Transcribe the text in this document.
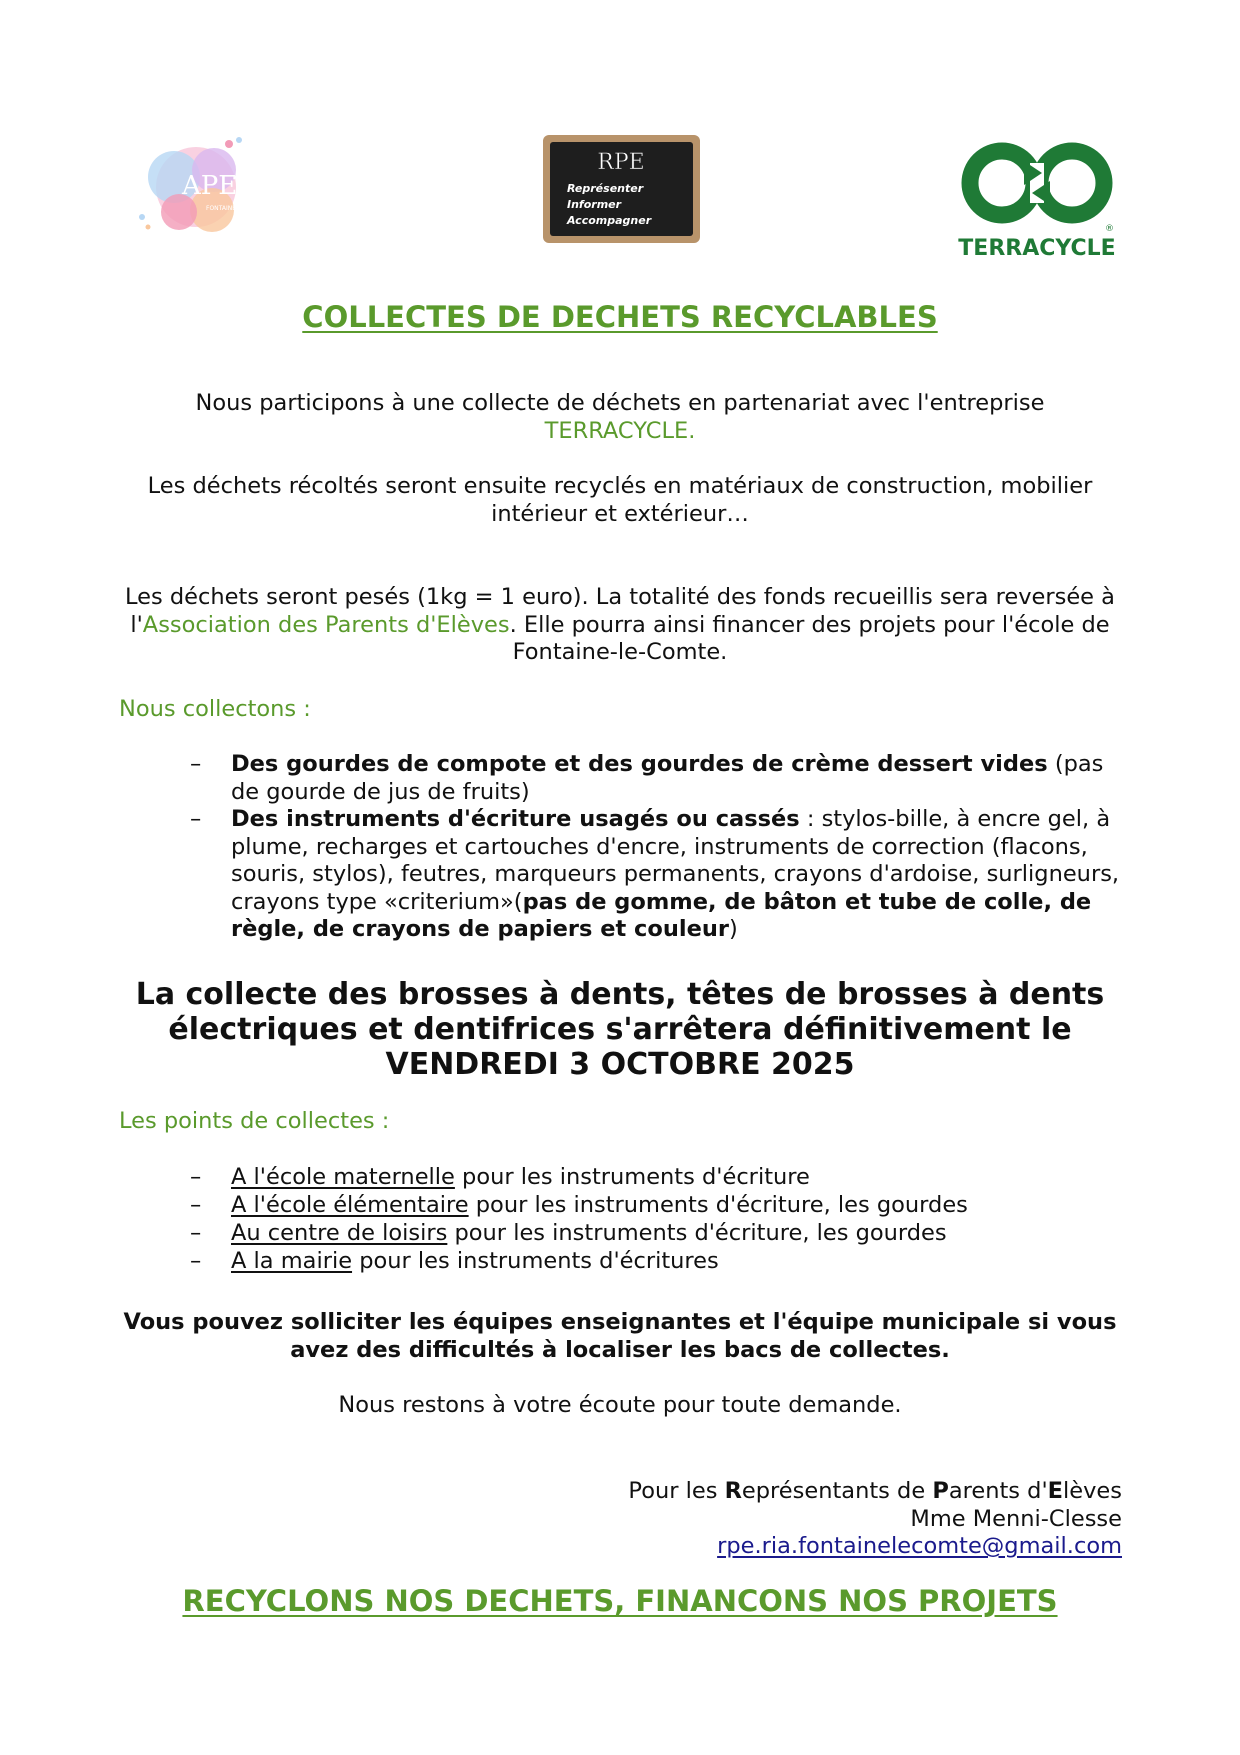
APE
FONTAINE LE COMTE
RPE
Représenter
Informer
Accompagner
®
TERRACYCLE
COLLECTES DE DECHETS RECYCLABLES
Nous participons à une collecte de déchets en partenariat avec l'entreprise
TERRACYCLE.
Les déchets récoltés seront ensuite recyclés en matériaux de construction, mobilier intérieur et extérieur…
Les déchets seront pesés (1kg = 1 euro). La totalité des fonds recueillis sera reversée à l'Association des Parents d'Elèves. Elle pourra ainsi financer des projets pour l'école de Fontaine-le-Comte.
Nous collectons :
– Des gourdes de compote et des gourdes de crème dessert vides (pas de gourde de jus de fruits)
– Des instruments d'écriture usagés ou cassés : stylos-bille, à encre gel, à plume, recharges et cartouches d'encre, instruments de correction (flacons, souris, stylos), feutres, marqueurs permanents, crayons d'ardoise, surligneurs, crayons type «criterium»(pas de gomme, de bâton et tube de colle, de règle, de crayons de papiers et couleur)
La collecte des brosses à dents, têtes de brosses à dents
électriques et dentifrices s'arrêtera définitivement le
VENDREDI 3 OCTOBRE 2025
Les points de collectes :
– A l'école maternelle pour les instruments d'écriture
– A l'école élémentaire pour les instruments d'écriture, les gourdes
– Au centre de loisirs pour les instruments d'écriture, les gourdes
– A la mairie pour les instruments d'écritures
Vous pouvez solliciter les équipes enseignantes et l'équipe municipale si vous avez des difficultés à localiser les bacs de collectes.
Nous restons à votre écoute pour toute demande.
Pour les Représentants de Parents d'Elèves
Mme Menni-Clesse
rpe.ria.fontainelecomte@gmail.com
RECYCLONS NOS DECHETS, FINANCONS NOS PROJETS
